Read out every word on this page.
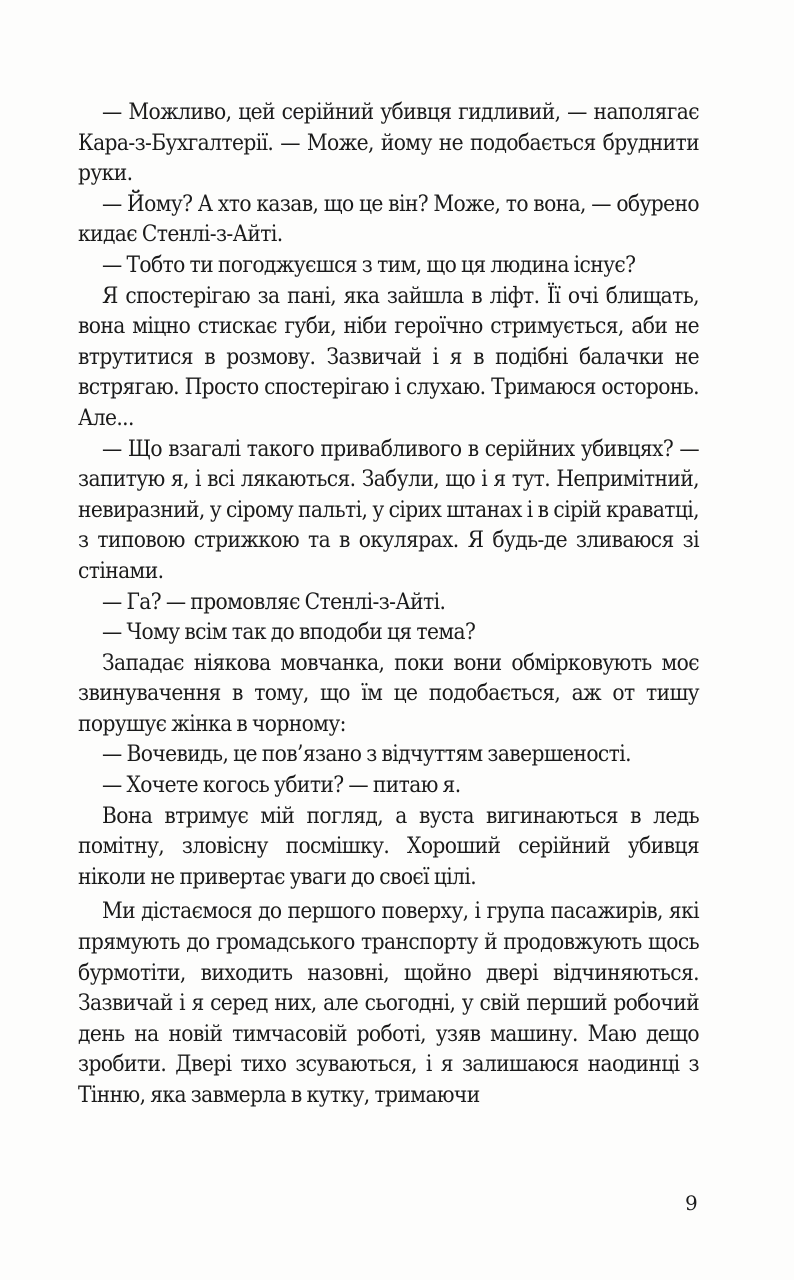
— Можливо, цей серійний убивця гидливий, — наполягає Кара-з-Бухгалтерії. — Може, йому не подобається бруднити руки.

— Йому? А хто казав, що це він? Може, то вона, — обурено кидає Стенлі-з-Айті.

— Тобто ти погоджуєшся з тим, що ця людина існує?

Я спостерігаю за пані, яка зайшла в ліфт. Її очі блищать, вона міцно стискає губи, ніби героїчно стримується, аби не втрутитися в розмову. Зазвичай і я в подібні балачки не встрягаю. Просто спостерігаю і слухаю. Тримаюся осторонь. Але...

— Що взагалі такого привабливого в серійних убивцях? — запитую я, і всі лякаються. Забули, що і я тут. Непримітний, невиразний, у сірому пальті, у сірих штанах і в сірій краватці, з типовою стрижкою та в окулярах. Я будь-де зливаюся зі стінами.

— Га? — промовляє Стенлі-з-Айті.

— Чому всім так до вподоби ця тема?

Западає ніякова мовчанка, поки вони обмірковують моє звинувачення в тому, що їм це подобається, аж от тишу порушує жінка в чорному:

— Вочевидь, це пов’язано з відчуттям завершеності.

— Хочете когось убити? — питаю я.

Вона втримує мій погляд, а вуста вигинаються в ледь помітну, зловісну посмішку. Хороший серійний убивця ніколи не привертає уваги до своєї цілі.

Ми дістаємося до першого поверху, і група пасажирів, які прямують до громадського транспорту й продовжують щось бурмотіти, виходить назовні, щойно двері відчиняються. Зазвичай і я серед них, але сьогодні, у свій перший робочий день на новій тимчасовій роботі, узяв машину. Маю дещо зробити. Двері тихо зсуваються, і я залишаюся наодинці з Тінню, яка завмерла в кутку, тримаючи

9
